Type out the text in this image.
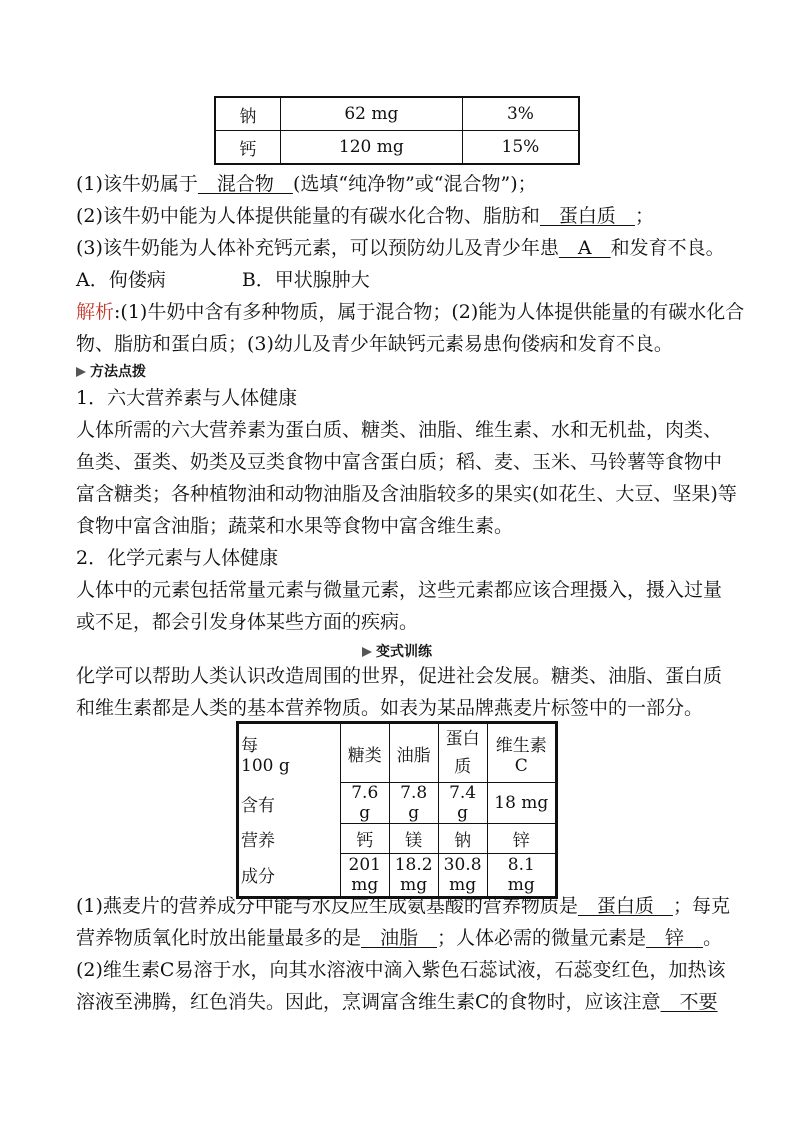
钠	62 mg	3%
钙	120 mg	15%
(1)该牛奶属于　混合物　(选填“纯净物”或“混合物”)；
(2)该牛奶中能为人体提供能量的有碳水化合物、脂肪和　蛋白质　；
(3)该牛奶能为人体补充钙元素，可以预防幼儿及青少年患　A　和发育不良。
A．佝偻病	B．甲状腺肿大
解析:(1)牛奶中含有多种物质，属于混合物；(2)能为人体提供能量的有碳水化合
物、脂肪和蛋白质；(3)幼儿及青少年缺钙元素易患佝偻病和发育不良。
方法点拨
1．六大营养素与人体健康
人体所需的六大营养素为蛋白质、糖类、油脂、维生素、水和无机盐，肉类、
鱼类、蛋类、奶类及豆类食物中富含蛋白质；稻、麦、玉米、马铃薯等食物中
富含糖类；各种植物油和动物油脂及含油脂较多的果实(如花生、大豆、坚果)等
食物中富含油脂；蔬菜和水果等食物中富含维生素。
2．化学元素与人体健康
人体中的元素包括常量元素与微量元素，这些元素都应该合理摄入，摄入过量
或不足，都会引发身体某些方面的疾病。
变式训练
化学可以帮助人类认识改造周围的世界，促进社会发展。糖类、油脂、蛋白质
和维生素都是人类的基本营养物质。如表为某品牌燕麦片标签中的一部分。
每
100 g	糖类	油脂	蛋白质	维生素C
含有	7.6 g	7.8 g	7.4 g	18 mg
营养	钙	镁	钠	锌
成分	201 mg	18.2 mg	30.8 mg	8.1 mg
(1)燕麦片的营养成分中能与水反应生成氨基酸的营养物质是　蛋白质　；每克
营养物质氧化时放出能量最多的是　油脂　；人体必需的微量元素是　锌　。
(2)维生素C易溶于水，向其水溶液中滴入紫色石蕊试液，石蕊变红色，加热该
溶液至沸腾，红色消失。因此，烹调富含维生素C的食物时，应该注意　不要
